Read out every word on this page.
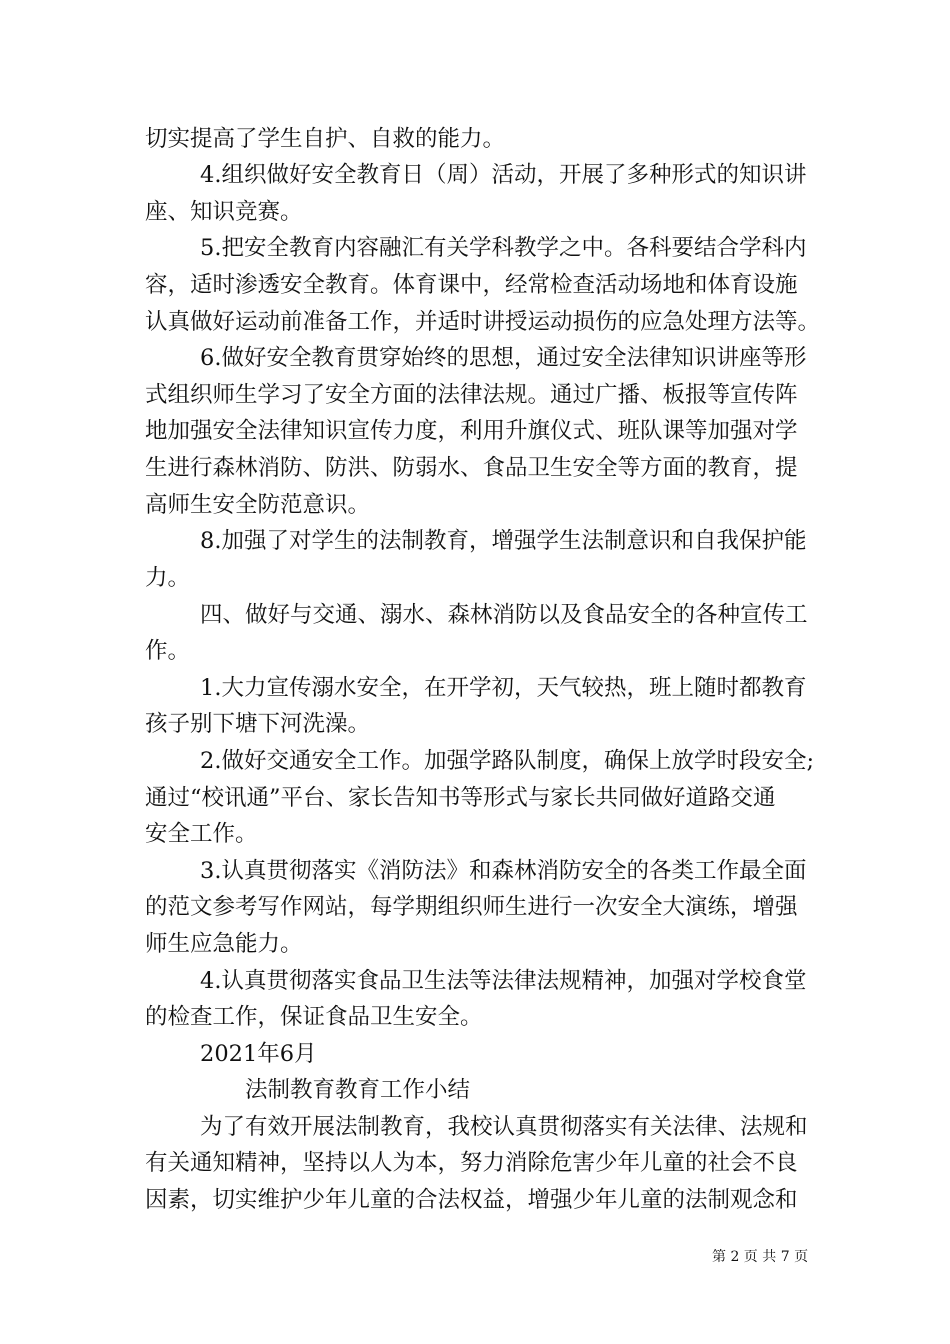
切实提高了学生自护、自救的能力。
4.组织做好安全教育日（周）活动，开展了多种形式的知识讲
座、知识竞赛。
5.把安全教育内容融汇有关学科教学之中。各科要结合学科内
容，适时渗透安全教育。体育课中，经常检查活动场地和体育设施
认真做好运动前准备工作，并适时讲授运动损伤的应急处理方法等。
6.做好安全教育贯穿始终的思想，通过安全法律知识讲座等形
式组织师生学习了安全方面的法律法规。通过广播、板报等宣传阵
地加强安全法律知识宣传力度，利用升旗仪式、班队课等加强对学
生进行森林消防、防洪、防弱水、食品卫生安全等方面的教育，提
高师生安全防范意识。
8.加强了对学生的法制教育，增强学生法制意识和自我保护能
力。
四、做好与交通、溺水、森林消防以及食品安全的各种宣传工
作。
1.大力宣传溺水安全，在开学初，天气较热，班上随时都教育
孩子别下塘下河洗澡。
2.做好交通安全工作。加强学路队制度，确保上放学时段安全;
通过“校讯通”平台、家长告知书等形式与家长共同做好道路交通
安全工作。
3.认真贯彻落实《消防法》和森林消防安全的各类工作最全面
的范文参考写作网站，每学期组织师生进行一次安全大演练，增强
师生应急能力。
4.认真贯彻落实食品卫生法等法律法规精神，加强对学校食堂
的检查工作，保证食品卫生安全。
2021年6月
法制教育教育工作小结
为了有效开展法制教育，我校认真贯彻落实有关法律、法规和
有关通知精神，坚持以人为本，努力消除危害少年儿童的社会不良
因素，切实维护少年儿童的合法权益，增强少年儿童的法制观念和
第 2 页 共 7 页
